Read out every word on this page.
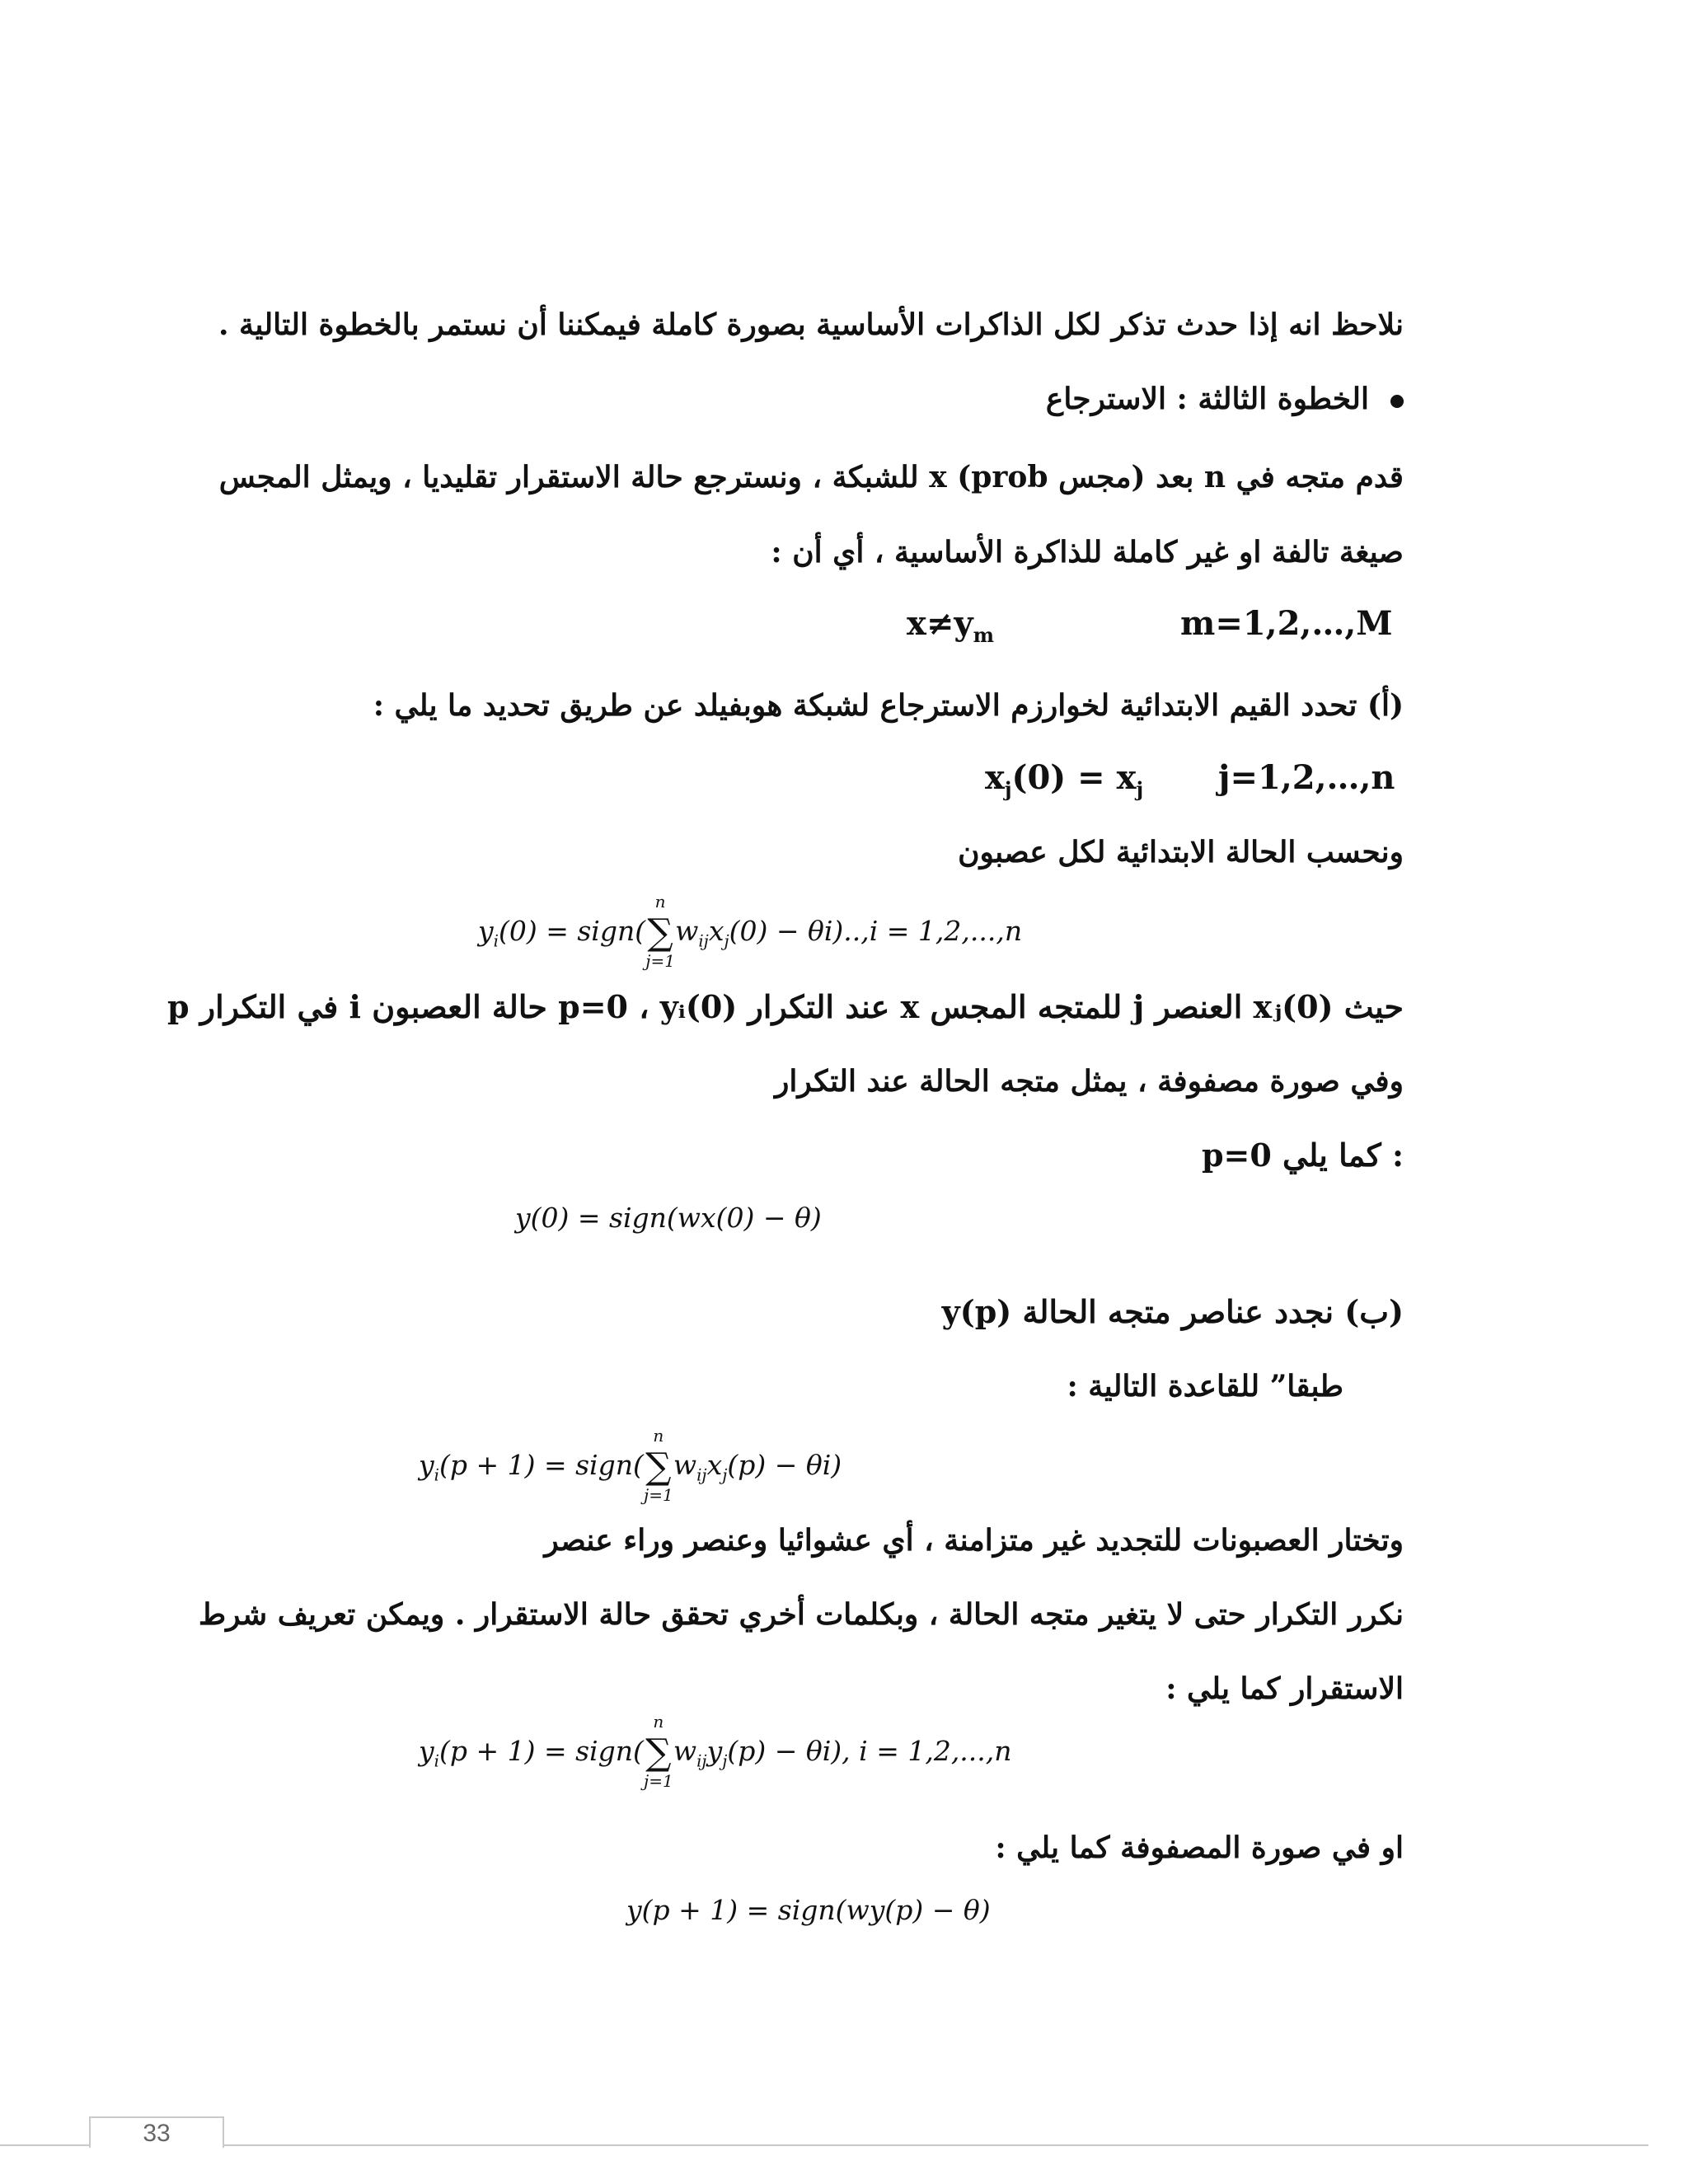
نلاحظ انه إذا حدث تذكر لكل الذاكرات الأساسية بصورة كاملة فيمكننا أن نستمر بالخطوة التالية .
الخطوة الثالثة : الاسترجاع
قدم متجه في n بعد (مجس prob) x للشبكة ، ونسترجع حالة الاستقرار تقليديا ، ويمثل المجس
صيغة تالفة او غير كاملة للذاكرة الأساسية ، أي أن :
$x\ne y_m$	m=1,2,…,M
(أ) تحدد القيم الابتدائية لخوارزم الاسترجاع لشبكة هوبفيلد عن طريق تحديد ما يلي :
$x_j(0) = x_j$ j=1,2,…,n
ونحسب الحالة الابتدائية لكل عصبون
$y_i(0)$ = sign(
n
∑
j=1
$w_{ij}x_j(0) - \theta i)..,i = 1,2,...,n$
حيث xⱼ(0) العنصر j للمتجه المجس x عند التكرار p=0 ، yᵢ(0) حالة العصبون i في التكرار p
وفي صورة مصفوفة ، يمثل متجه الحالة عند التكرار
p=0 كما يلي :
y(0) = sign(wx(0) − θ)
(ب) نجدد عناصر متجه الحالة (y(p
طبقا” للقاعدة التالية :
$y_i(p + 1)$ = sign(
n
∑
j=1
$w_{ij}x_j(p) - \theta i$)
وتختار العصبونات للتجديد غير متزامنة ، أي عشوائيا وعنصر وراء عنصر
نكرر التكرار حتى لا يتغير متجه الحالة ، وبكلمات أخري تحقق حالة الاستقرار . ويمكن تعريف شرط
الاستقرار كما يلي :
$y_i(p + 1)$ = sign(
n
∑
j=1
$w_{ij}y_j(p) - \theta i$), i = 1,2,...,n
او في صورة المصفوفة كما يلي :
y(p + 1) = sign(wy(p) − θ)
33
